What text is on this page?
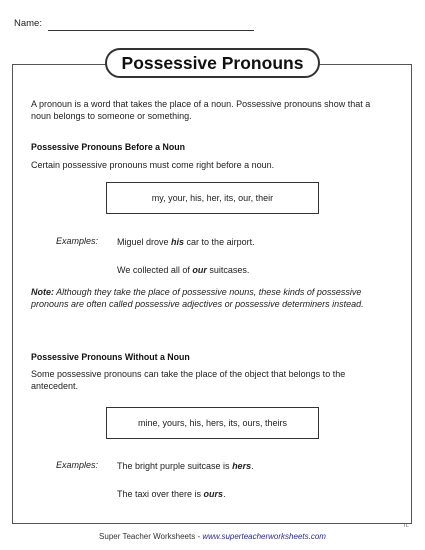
Name:
Possessive Pronouns
A pronoun is a word that takes the place of a noun. Possessive pronouns show that a noun belongs to someone or something.
Possessive Pronouns Before a Noun
Certain possessive pronouns must come right before a noun.
my, your, his, her, its, our, their
Examples: Miguel drove his car to the airport.
We collected all of our suitcases.
Note: Although they take the place of possessive nouns, these kinds of possessive pronouns are often called possessive adjectives or possessive determiners instead.
Possessive Pronouns Without a Noun
Some possessive pronouns can take the place of the object that belongs to the antecedent.
mine, yours, his, hers, its, ours, theirs
Examples: The bright purple suitcase is hers.
The taxi over there is ours.
TL
Super Teacher Worksheets - www.superteacherworksheets.com
